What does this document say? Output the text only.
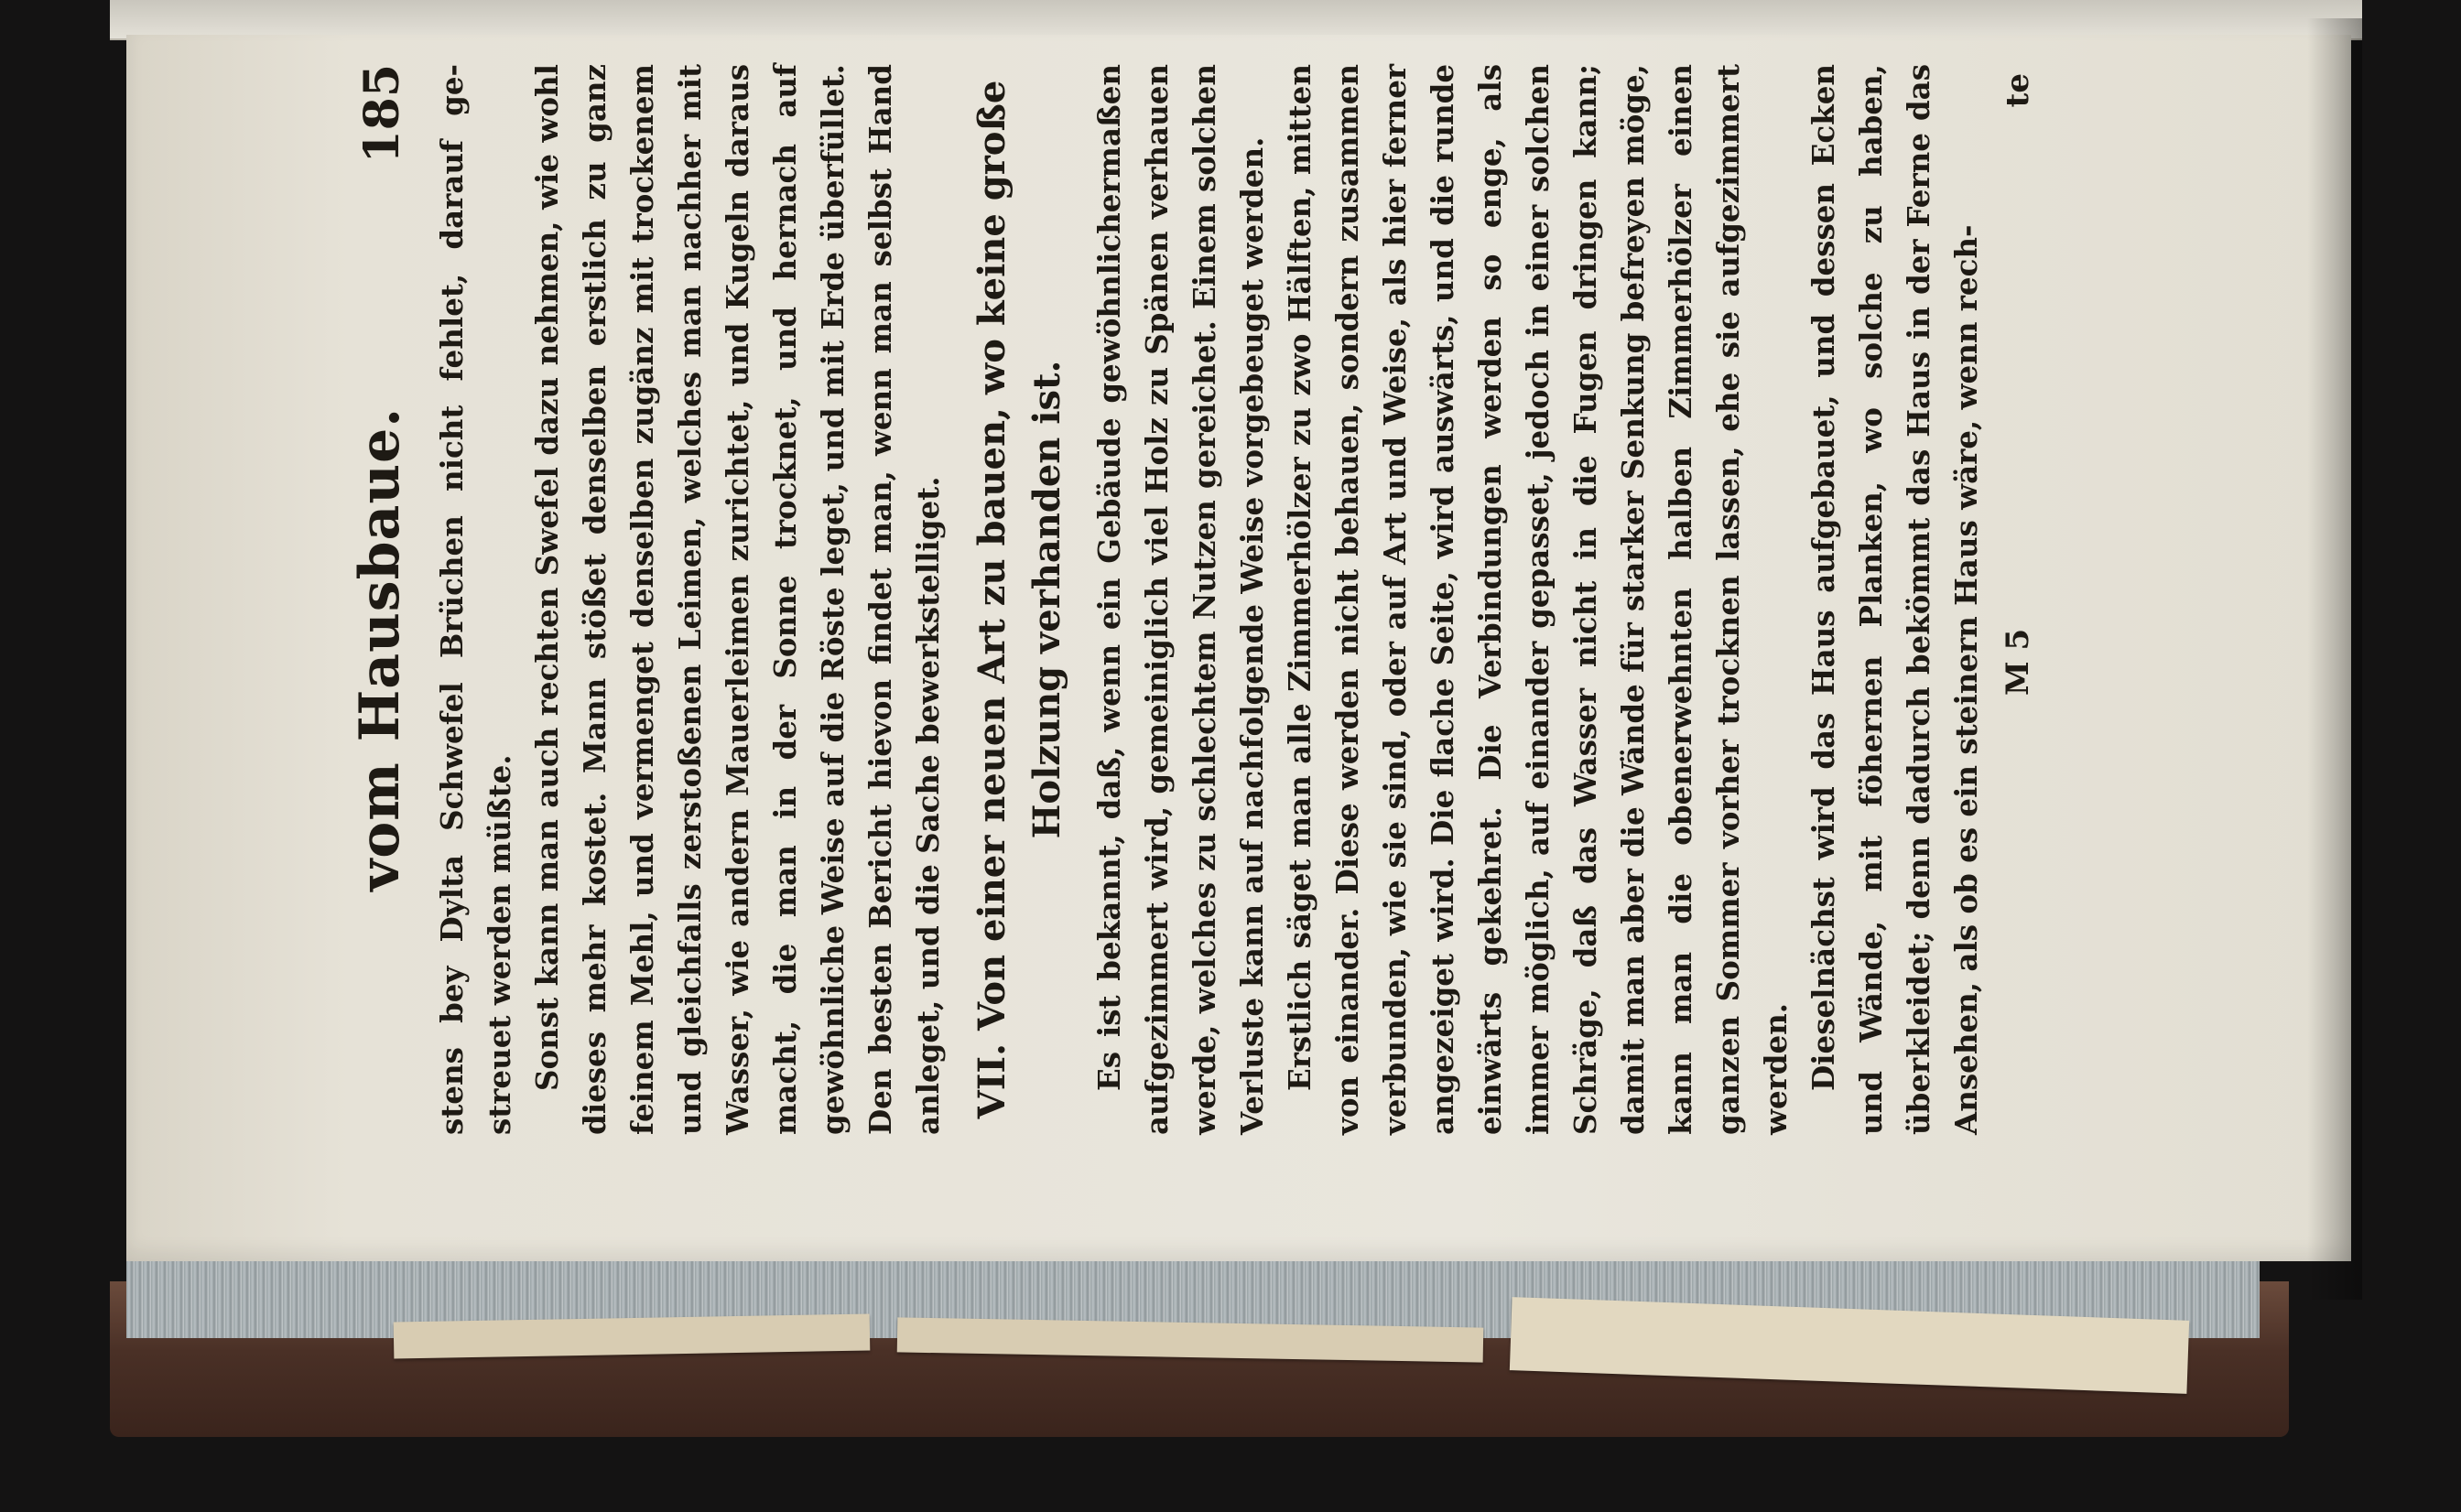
vom Hausbaue.
185 stens bey Dylta Schwefel Brüchen nicht fehlet, darauf ge-streuet werden müßte. Sonst kann man auch rechten Swefel dazu nehmen, wie wohl dieses mehr kostet. Mann stößet denselben erstlich zu ganz feinem Mehl, und vermenget denselben zugänz mit trockenem und gleichfalls zerstoßenen Leimen, welches man nachher mit Wasser, wie andern Mauerleimen zurichtet, und Kugeln daraus macht, die man in der Sonne trocknet, und hernach auf gewöhnliche Weise auf die Röste leget, und mit Erde überfüllet. Den besten Bericht hievon findet man, wenn man selbst Hand anleget, und die Sache bewerkstelliget. VII. Von einer neuen Art zu bauen, wo keine große Holzung verhanden ist. Es ist bekannt, daß, wenn ein Gebäude gewöhnlichermaßen aufgezimmert wird, gemeiniglich viel Holz zu Spänen verhauen werde, welches zu schlechtem Nutzen gereichet. Einem solchen Verluste kann auf nachfolgende Weise vorgebeuget werden. Erstlich säget man alle Zimmerhölzer zu zwo Hälften, mitten von einander. Diese werden nicht behauen, sondern zusammen verbunden, wie sie sind, oder auf Art und Weise, als hier ferner angezeiget wird. Die flache Seite, wird auswärts, und die runde einwärts gekehret. Die Verbindungen werden so enge, als immer möglich, auf einander gepasset, jedoch in einer solchen Schräge, daß das Wasser nicht in die Fugen dringen kann; damit man aber die Wände für starker Senkung befreyen möge, kann man die obenerwehnten halben Zimmerhölzer einen ganzen Sommer vorher trocknen lassen, ehe sie aufgezimmert werden. Dieselnächst wird das Haus aufgebauet, und dessen Ecken und Wände, mit föhernen Planken, wo solche zu haben, überkleidet; denn dadurch bekömmt das Haus in der Ferne das Ansehen, als ob es ein steinern Haus wäre, wenn rech- M 5
te
